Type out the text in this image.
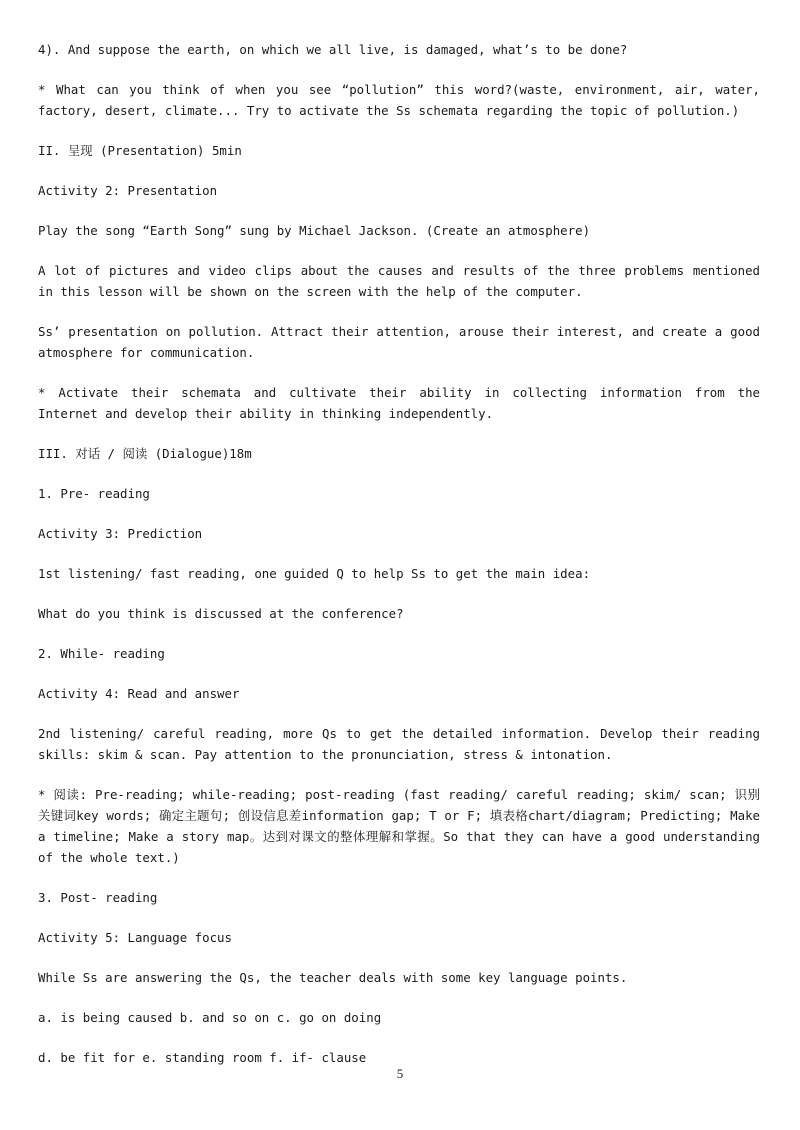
4). And suppose the earth, on which we all live, is damaged, what’s to be done?

* What can you think of when you see “pollution” this word?(waste, environment, air, water, factory, desert, climate... Try to activate the Ss schemata regarding the topic of pollution.)

II. 呈现 (Presentation) 5min

Activity 2: Presentation

Play the song “Earth Song” sung by Michael Jackson. (Create an atmosphere)

A lot of pictures and video clips about the causes and results of the three problems mentioned in this lesson will be shown on the screen with the help of the computer.

Ss’ presentation on pollution. Attract their attention, arouse their interest, and create a good atmosphere for communication.

* Activate their schemata and cultivate their ability in collecting information from the Internet and develop their ability in thinking independently.

III. 对话 / 阅读 (Dialogue)18m

1. Pre- reading

Activity 3: Prediction

1st listening/ fast reading, one guided Q to help Ss to get the main idea:

What do you think is discussed at the conference?

2. While- reading

Activity 4: Read and answer

2nd listening/ careful reading, more Qs to get the detailed information. Develop their reading skills: skim & scan. Pay attention to the pronunciation, stress & intonation.

* 阅读: Pre-reading; while-reading; post-reading (fast reading/ careful reading; skim/ scan; 识别关键词key words; 确定主题句; 创设信息差information gap; T or F; 填表格chart/diagram; Predicting; Make a timeline; Make a story map。达到对课文的整体理解和掌握。So that they can have a good understanding of the whole text.)

3. Post- reading

Activity 5: Language focus

While Ss are answering the Qs, the teacher deals with some key language points.

a. is being caused b. and so on c. go on doing

d. be fit for e. standing room f. if- clause

5
